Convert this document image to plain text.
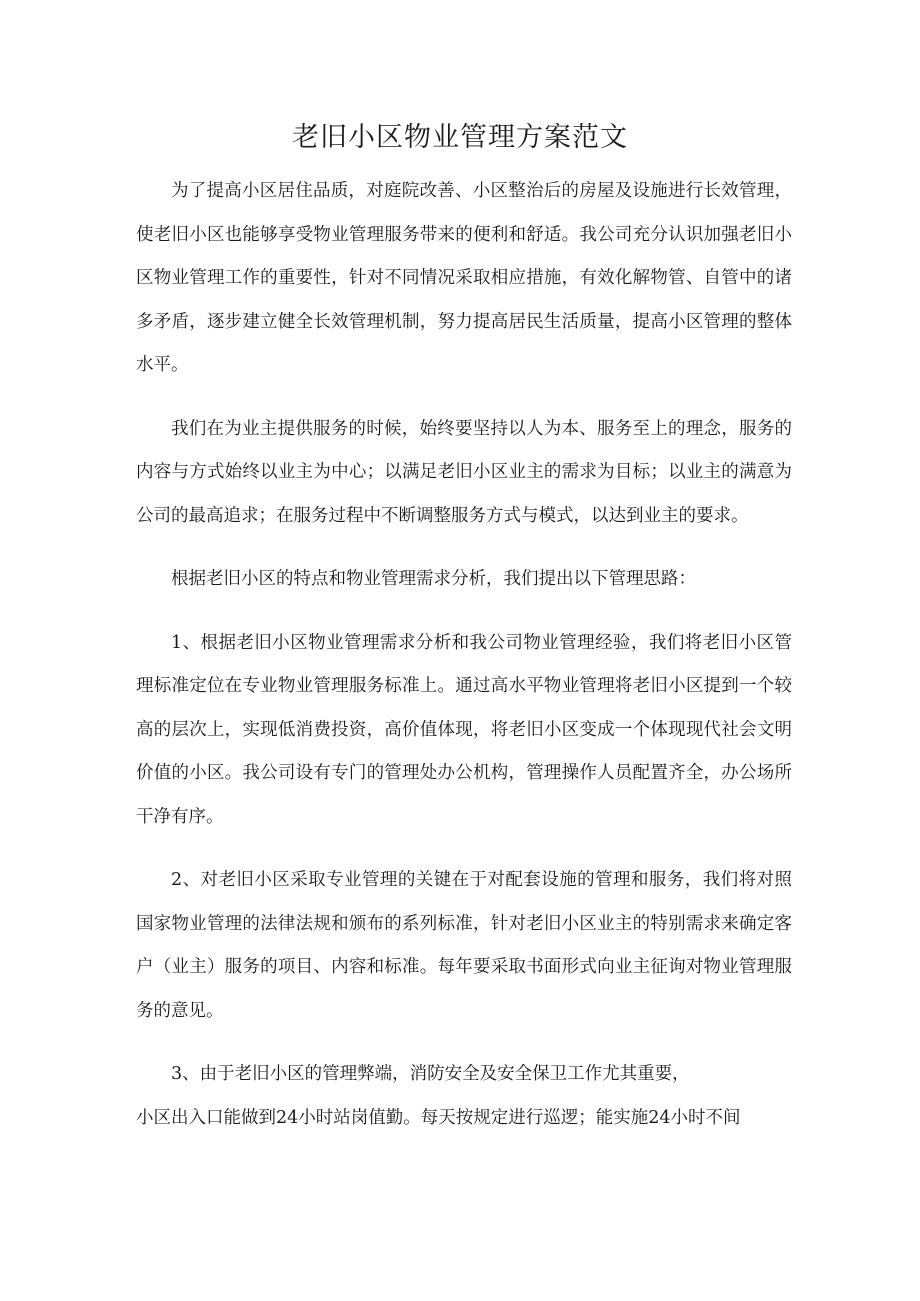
老旧小区物业管理方案范文

为了提高小区居住品质，对庭院改善、小区整治后的房屋及设施进行长效管理，使老旧小区也能够享受物业管理服务带来的便利和舒适。我公司充分认识加强老旧小区物业管理工作的重要性，针对不同情况采取相应措施，有效化解物管、自管中的诸多矛盾，逐步建立健全长效管理机制，努力提高居民生活质量，提高小区管理的整体水平。

我们在为业主提供服务的时候，始终要坚持以人为本、服务至上的理念，服务的内容与方式始终以业主为中心；以满足老旧小区业主的需求为目标；以业主的满意为公司的最高追求；在服务过程中不断调整服务方式与模式，以达到业主的要求。

根据老旧小区的特点和物业管理需求分析，我们提出以下管理思路：

1、根据老旧小区物业管理需求分析和我公司物业管理经验，我们将老旧小区管理标准定位在专业物业管理服务标准上。通过高水平物业管理将老旧小区提到一个较高的层次上，实现低消费投资，高价值体现，将老旧小区变成一个体现现代社会文明价值的小区。我公司设有专门的管理处办公机构，管理操作人员配置齐全，办公场所干净有序。

2、对老旧小区采取专业管理的关键在于对配套设施的管理和服务，我们将对照国家物业管理的法律法规和颁布的系列标准，针对老旧小区业主的特别需求来确定客户（业主）服务的项目、内容和标准。每年要采取书面形式向业主征询对物业管理服务的意见。

3、由于老旧小区的管理弊端，消防安全及安全保卫工作尤其重要，

小区出入口能做到24小时站岗值勤。每天按规定进行巡逻；能实施24小时不间
